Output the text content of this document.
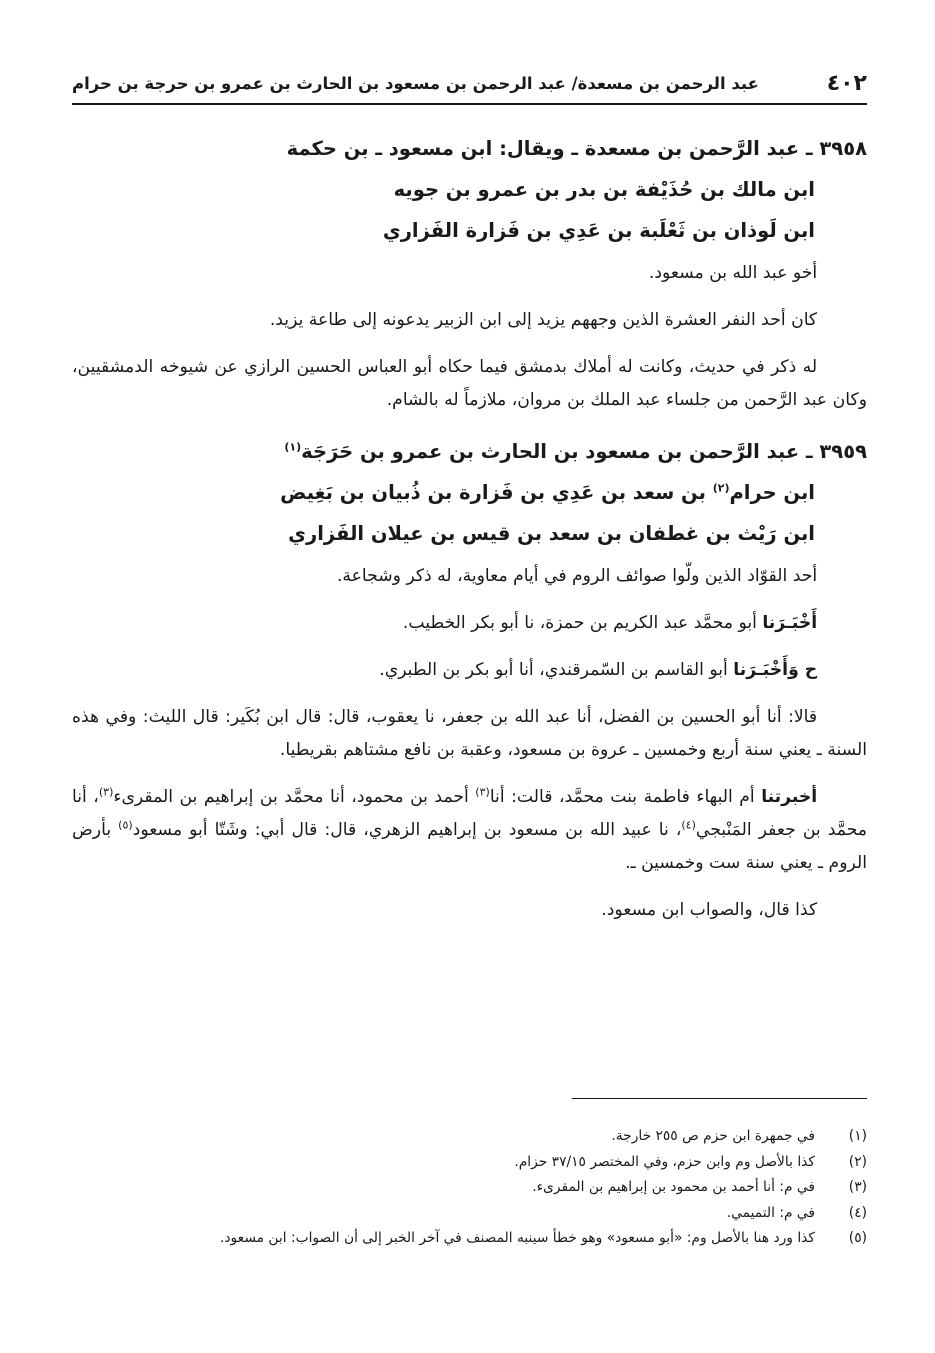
٤٠٢
عبد الرحمن بن مسعدة/ عبد الرحمن بن مسعود بن الحارث بن عمرو بن حرجة بن حرام
٣٩٥٨ ـ عبد الرَّحمن بن مسعدة ـ ويقال: ابن مسعود ـ بن حكمة
ابن مالك بن حُذَيْفة بن بدر بن عمرو بن جويه
ابن لَوذان بن ثَعْلَبة بن عَدِي بن فَزارة الفَزاري

أخو عبد الله بن مسعود.

كان أحد النفر العشرة الذين وجههم يزيد إلى ابن الزبير يدعونه إلى طاعة يزيد.

له ذكر في حديث، وكانت له أملاك بدمشق فيما حكاه أبو العباس الحسين الرازي عن شيوخه الدمشقيين، وكان عبد الرَّحمن من جلساء عبد الملك بن مروان، ملازماً له بالشام.

٣٩٥٩ ـ عبد الرَّحمن بن مسعود بن الحارث بن عمرو بن حَرَجَة$^{(١)}$
ابن حرام$^{(٢)}$ بن سعد بن عَدِي بن فَزارة بن ذُبيان بن بَغِيض
ابن رَيْث بن غطفان بن سعد بن قيس بن عيلان الفَزاري

أحد القوّاد الذين ولّوا صوائف الروم في أيام معاوية، له ذكر وشجاعة.

أَخْبَـرَنا أبو محمَّد عبد الكريم بن حمزة، نا أبو بكر الخطيب.

ح وَأَخْبَـرَنا أبو القاسم بن السّمرقندي، أنا أبو بكر بن الطبري.

قالا: أنا أبو الحسين بن الفضل، أنا عبد الله بن جعفر، نا يعقوب، قال: قال ابن بُكَير: قال الليث: وفي هذه السنة ـ يعني سنة أربع وخمسين ـ عروة بن مسعود، وعقبة بن نافع مشتاهم بقريطيا.

أخبرتنا أم البهاء فاطمة بنت محمَّد، قالت: أنا$^{(٣)}$ أحمد بن محمود، أنا محمَّد بن إبراهيم بن المقرىء$^{(٣)}$، أنا محمَّد بن جعفر المَنْبجي$^{(٤)}$، نا عبيد الله بن مسعود بن إبراهيم الزهري، قال: قال أبي: وشَتّا أبو مسعود$^{(٥)}$ بأرض الروم ـ يعني سنة ست وخمسين ـ.

كذا قال، والصواب ابن مسعود.

(١)
في جمهرة ابن حزم ص ٢٥٥ خارجة.
(٢)
كذا بالأصل وم وابن حزم، وفي المختصر ٣٧/١٥ حزام.
(٣)
في م: أنا أحمد بن محمود بن إبراهيم بن المقرىء.
(٤)
في م: التميمي.
(٥)
كذا ورد هنا بالأصل وم: «أبو مسعود» وهو خطأ سينبه المصنف في آخر الخبر إلى أن الصواب: ابن مسعود.
